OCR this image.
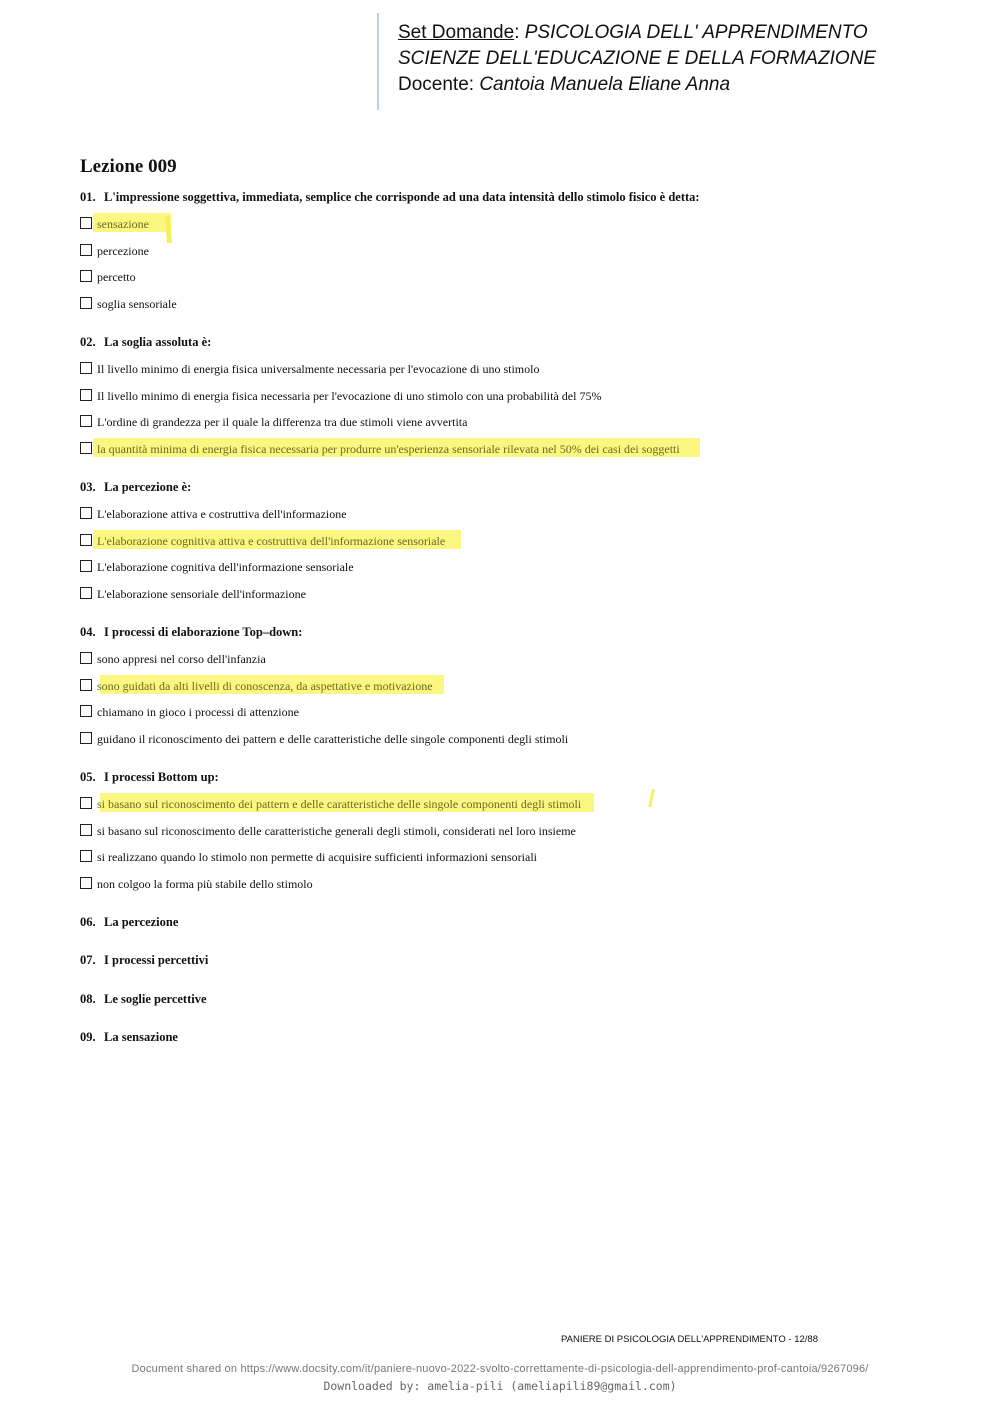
Set Domande: PSICOLOGIA DELL' APPRENDIMENTO
SCIENZE DELL'EDUCAZIONE E DELLA FORMAZIONE
Docente: Cantoia Manuela Eliane Anna
Lezione 009
01. L'impressione soggettiva, immediata, semplice che corrisponde ad una data intensità dello stimolo fisico è detta:
sensazione
percezione
percetto
soglia sensoriale
02. La soglia assoluta è:
Il livello minimo di energia fisica universalmente necessaria per l'evocazione di uno stimolo
Il livello minimo di energia fisica necessaria per l'evocazione di uno stimolo con una probabilità del 75%
L'ordine di grandezza per il quale la differenza tra due stimoli viene avvertita
la quantità minima di energia fisica necessaria per produrre un'esperienza sensoriale rilevata nel 50% dei casi dei soggetti
03. La percezione è:
L'elaborazione attiva e costruttiva dell'informazione
L'elaborazione cognitiva attiva e costruttiva dell'informazione sensoriale
L'elaborazione cognitiva dell'informazione sensoriale
L'elaborazione sensoriale dell'informazione
04. I processi di elaborazione Top–down:
sono appresi nel corso dell'infanzia
sono guidati da alti livelli di conoscenza, da aspettative e motivazione
chiamano in gioco i processi di attenzione
guidano il riconoscimento dei pattern e delle caratteristiche delle singole componenti degli stimoli
05. I processi Bottom up:
si basano sul riconoscimento dei pattern e delle caratteristiche delle singole componenti degli stimoli
si basano sul riconoscimento delle caratteristiche generali degli stimoli, considerati nel loro insieme
si realizzano quando lo stimolo non permette di acquisire sufficienti informazioni sensoriali
non colgoo la forma più stabile dello stimolo
06. La percezione
07. I processi percettivi
08. Le soglie percettive
09. La sensazione
PANIERE DI PSICOLOGIA DELL'APPRENDIMENTO - 12/88
Document shared on https://www.docsity.com/it/paniere-nuovo-2022-svolto-correttamente-di-psicologia-dell-apprendimento-prof-cantoia/9267096/
Downloaded by: amelia-pili (ameliapili89@gmail.com)
